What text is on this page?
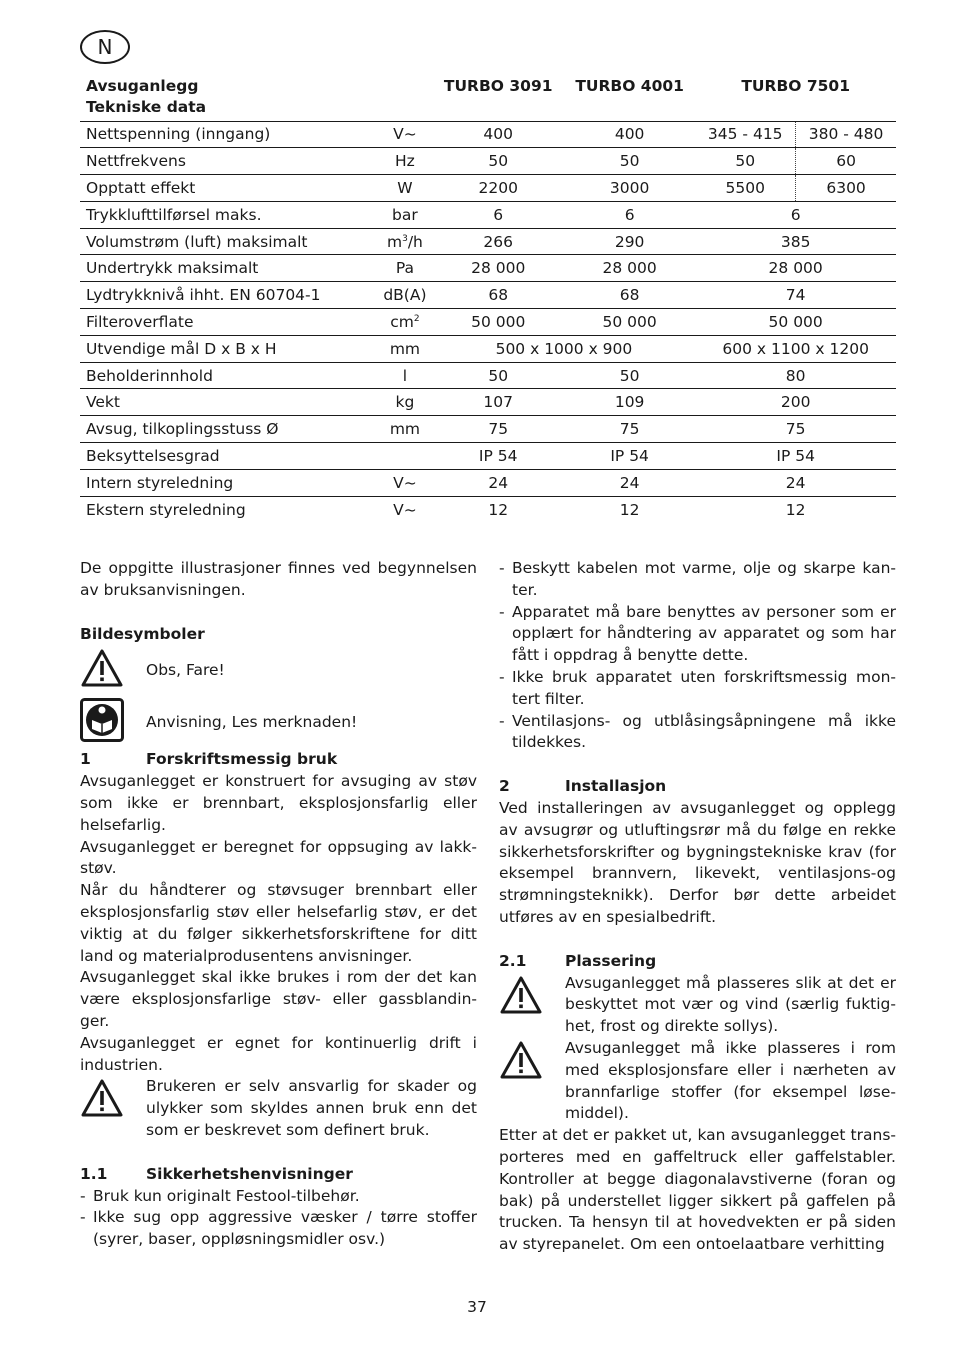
N
Avsuganlegg		TURBO 3091	TURBO 4001	TURBO 7501	
Tekniske data					
Nettspenning (inngang)	V~	400	400	345 - 415	380 - 480
Nettfrekvens	Hz	50	50	50	60
Opptatt effekt	W	2200	3000	5500	6300
Trykklufttilførsel maks.	bar	6	6	6	
Volumstrøm (luft) maksimalt	$m^3/h$	266	290	385	
Undertrykk maksimalt	Pa	28 000	28 000	28 000	
Lydtrykknivå ihht. EN 60704-1	dB(A)	68	68	74	
Filteroverflate	$cm^2$	50 000	50 000	50 000	
Utvendige mål D x B x H	mm	500 x 1000 x 900		600 x 1100 x 1200	
Beholderinnhold	l	50	50	80	
Vekt	kg	107	109	200	
Avsug, tilkoplingsstuss Ø	mm	75	75	75	
Beksyttelsesgrad		IP 54	IP 54	IP 54	
Intern styreledning	V~	24	24	24	
Ekstern styreledning	V~	12	12	12	
De oppgitte illustrasjoner finnes ved begynnelsen av bruksanvisningen.
Bildesymboler
Obs, Fare!
Anvisning, Les merknaden!
1	Forskriftsmessig bruk
Avsuganlegget er konstruert for avsuging av støv som ikke er brennbart, eksplosjonsfarlig eller helsefarlig.
Avsuganlegget er beregnet for oppsuging av lakk-støv.
Når du håndterer og støvsuger brennbart eller eksplosjonsfarlig støv eller helsefarlig støv, er det viktig at du følger sikkerhetsforskriftene for ditt land og materialprodusentens anvisninger.
Avsuganlegget skal ikke brukes i rom der det kan være eksplosjonsfarlige støv- eller gassblandin-ger.
Avsuganlegget er egnet for kontinuerlig drift i industrien.
Brukeren er selv ansvarlig for skader og ulykker som skyldes annen bruk enn det som er beskrevet som definert bruk.
1.1	Sikkerhetshenvisninger
- Bruk kun originalt Festool-tilbehør.
- Ikke sug opp aggressive væsker / tørre stoffer (syrer, baser, oppløsningsmidler osv.)
- Beskytt kabelen mot varme, olje og skarpe kan-ter.
- Apparatet må bare benyttes av personer som er opplært for håndtering av apparatet og som har fått i oppdrag å benytte dette.
- Ikke bruk apparatet uten forskriftsmessig mon-tert filter.
- Ventilasjons- og utblåsingsåpningene må ikke tildekkes.
2	Installasjon
Ved installeringen av avsuganlegget og opplegg av avsugrør og utluftingsrør må du følge en rekke sikkerhetsforskrifter og bygningstekniske krav (for eksempel brannvern, likevekt, ventilasjons-og strømningsteknikk). Derfor bør dette arbeidet utføres av en spesialbedrift.
2.1	Plassering
Avsuganlegget må plasseres slik at det er beskyttet mot vær og vind (særlig fuktig-het, frost og direkte sollys).
Avsuganlegget må ikke plasseres i rom med eksplosjonsfare eller i nærheten av brannfarlige stoffer (for eksempel løse-middel).
Etter at det er pakket ut, kan avsuganlegget trans-porteres med en gaffeltruck eller gaffelstabler. Kontroller at begge diagonalavstiverne (foran og bak) på understellet ligger sikkert på gaffelen på trucken. Ta hensyn til at hovedvekten er på siden av styrepanelet. Om een ontoelaatbare verhitting
37
